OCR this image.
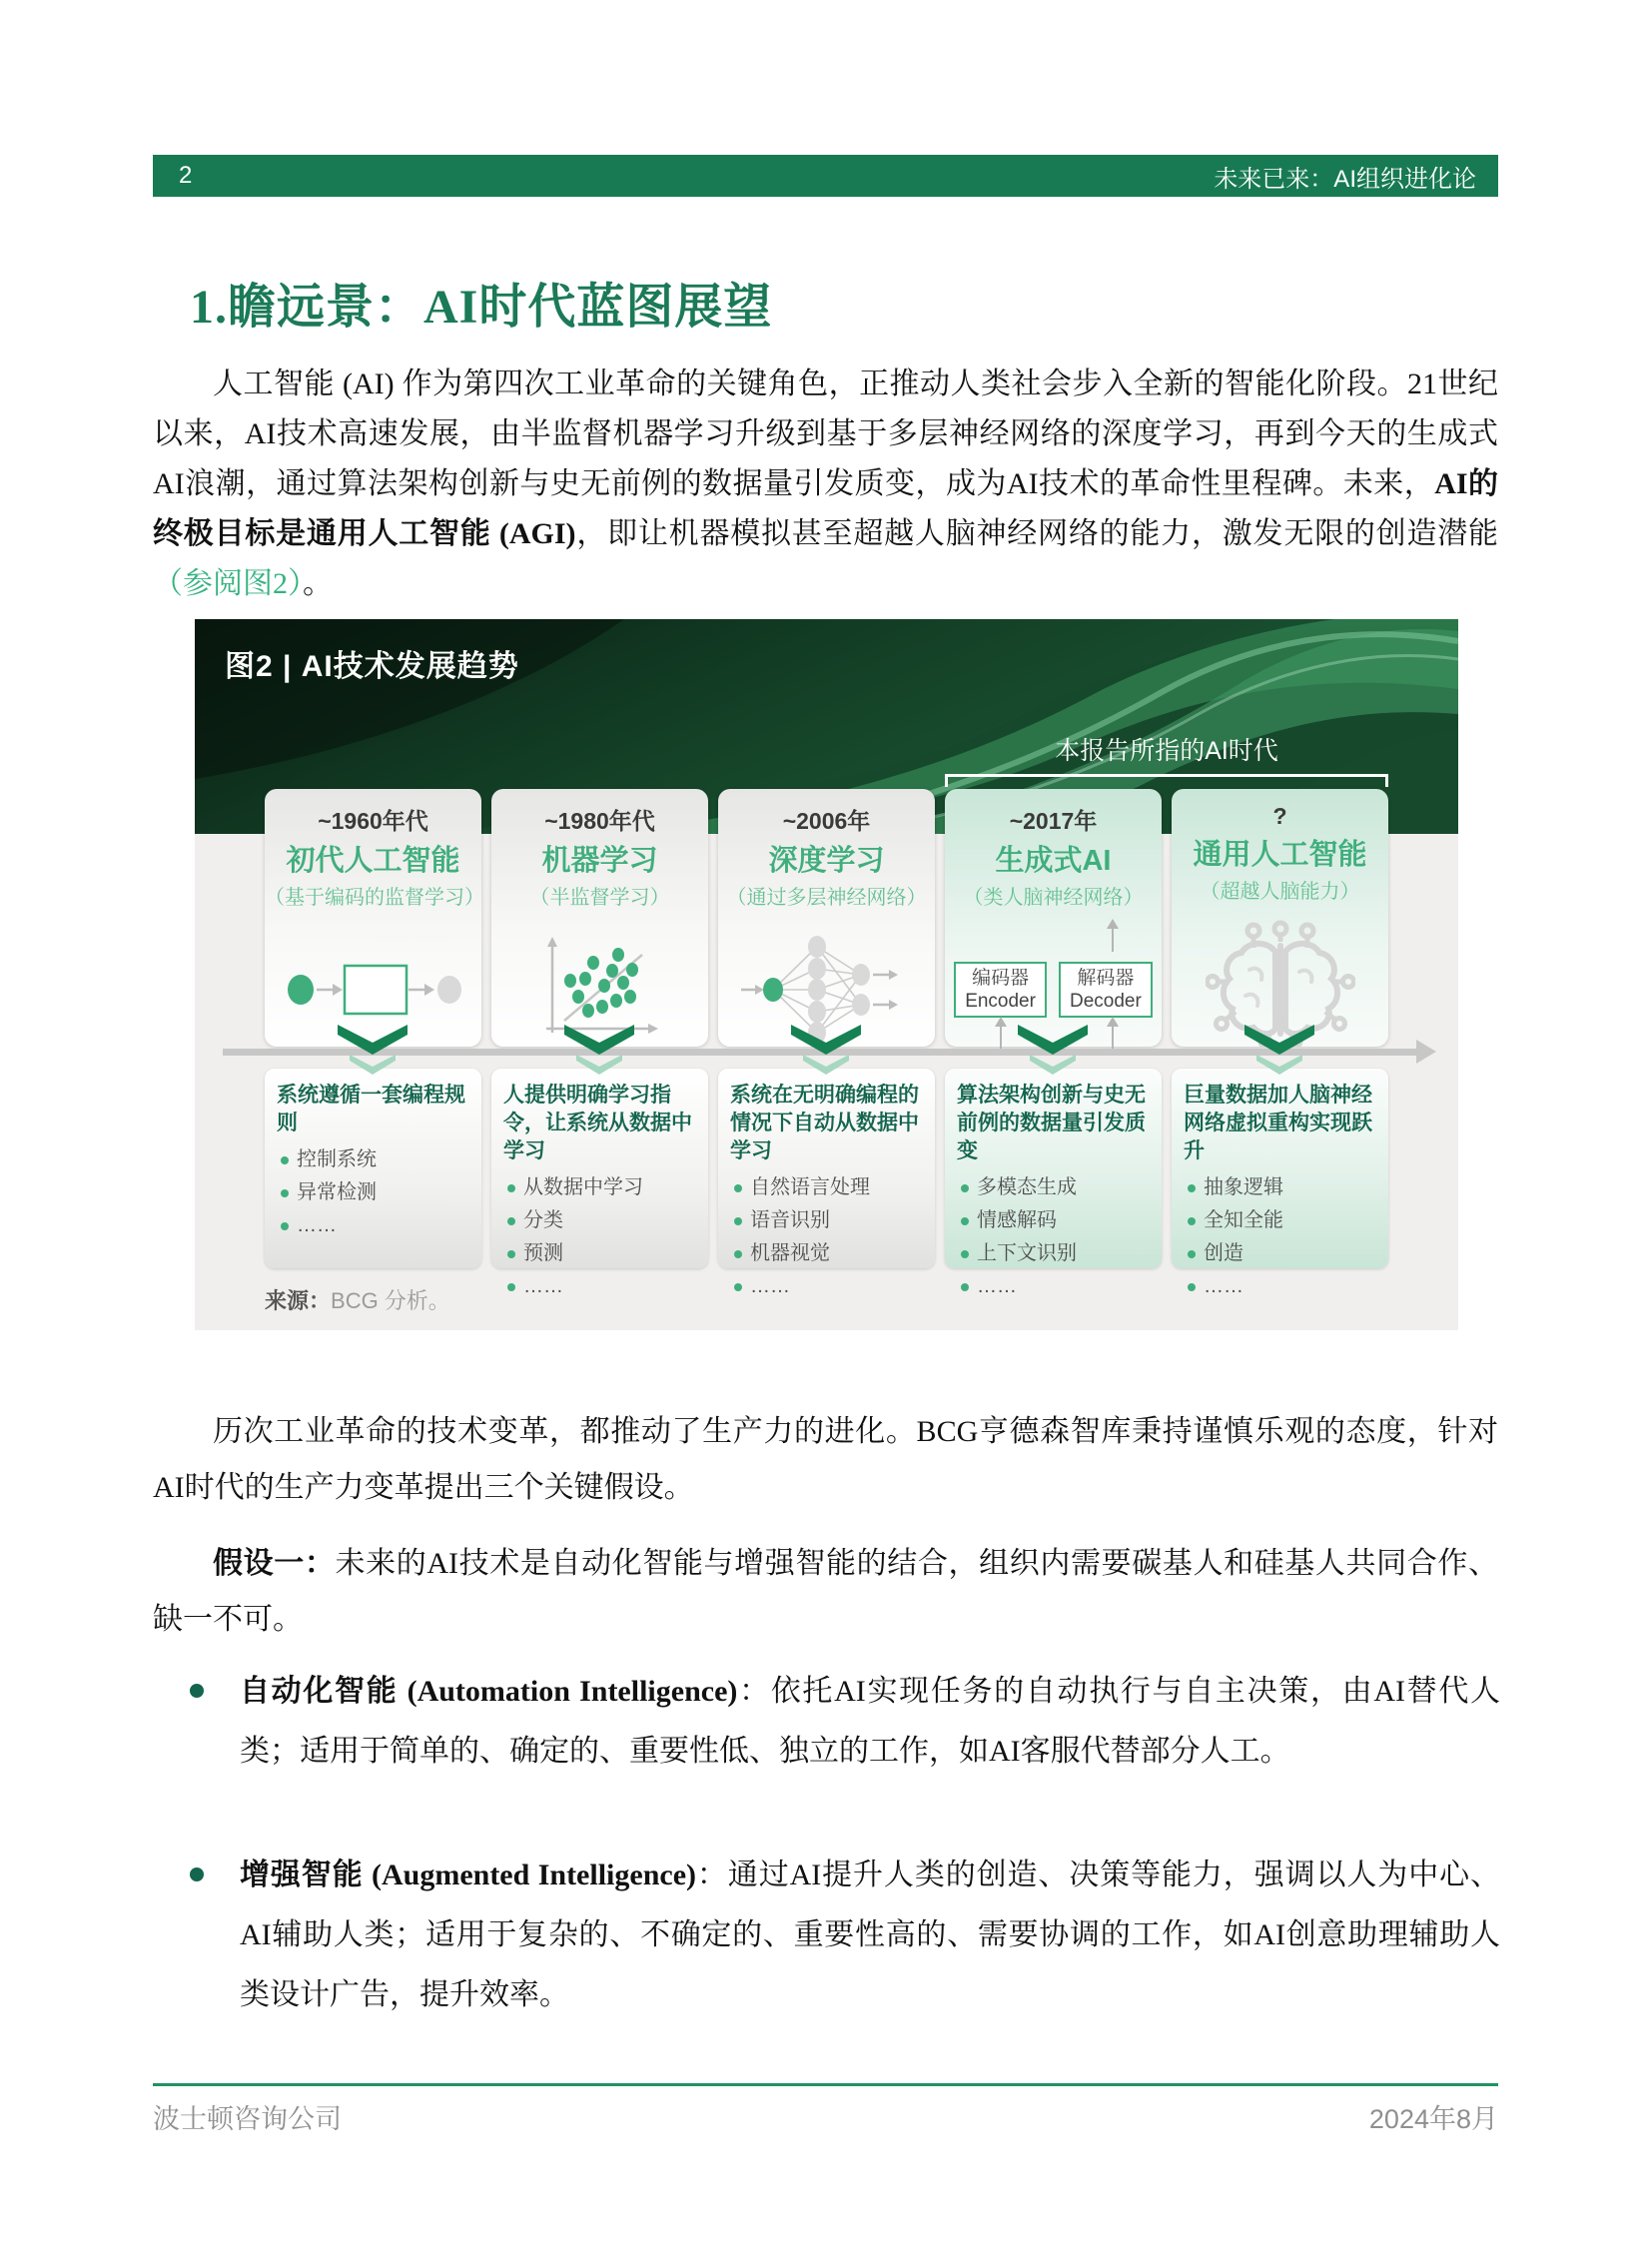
2	未来已来：AI组织进化论
1.瞻远景：AI时代蓝图展望

人工智能 (AI) 作为第四次工业革命的关键角色，正推动人类社会步入全新的智能化阶段。21世纪以来，AI技术高速发展，由半监督机器学习升级到基于多层神经网络的深度学习，再到今天的生成式AI浪潮，通过算法架构创新与史无前例的数据量引发质变，成为AI技术的革命性里程碑。未来，AI的终极目标是通用人工智能 (AGI)，即让机器模拟甚至超越人脑神经网络的能力，激发无限的创造潜能（参阅图2）。

图2 | AI技术发展趋势
本报告所指的AI时代
~1960年代
初代人工智能
（基于编码的监督学习）
~1980年代
机器学习
（半监督学习）
~2006年
深度学习
（通过多层神经网络）
~2017年
生成式AI
（类人脑神经网络）
编码器
Encoder
解码器
Decoder
?
通用人工智能
（超越人脑能力）
系统遵循一套编程规则
控制系统
异常检测
……
人提供明确学习指令，让系统从数据中学习
从数据中学习
分类
预测
……
系统在无明确编程的情况下自动从数据中学习
自然语言处理
语音识别
机器视觉
……
算法架构创新与史无前例的数据量引发质变
多模态生成
情感解码
上下文识别
……
巨量数据加人脑神经网络虚拟重构实现跃升
抽象逻辑
全知全能
创造
……
来源：BCG 分析。

历次工业革命的技术变革，都推动了生产力的进化。BCG亨德森智库秉持谨慎乐观的态度，针对AI时代的生产力变革提出三个关键假设。

假设一：未来的AI技术是自动化智能与增强智能的结合，组织内需要碳基人和硅基人共同合作、缺一不可。

自动化智能 (Automation Intelligence)：依托AI实现任务的自动执行与自主决策，由AI替代人类；适用于简单的、确定的、重要性低、独立的工作，如AI客服代替部分人工。

增强智能 (Augmented Intelligence)：通过AI提升人类的创造、决策等能力，强调以人为中心、AI辅助人类；适用于复杂的、不确定的、重要性高的、需要协调的工作，如AI创意助理辅助人类设计广告，提升效率。

波士顿咨询公司	2024年8月
